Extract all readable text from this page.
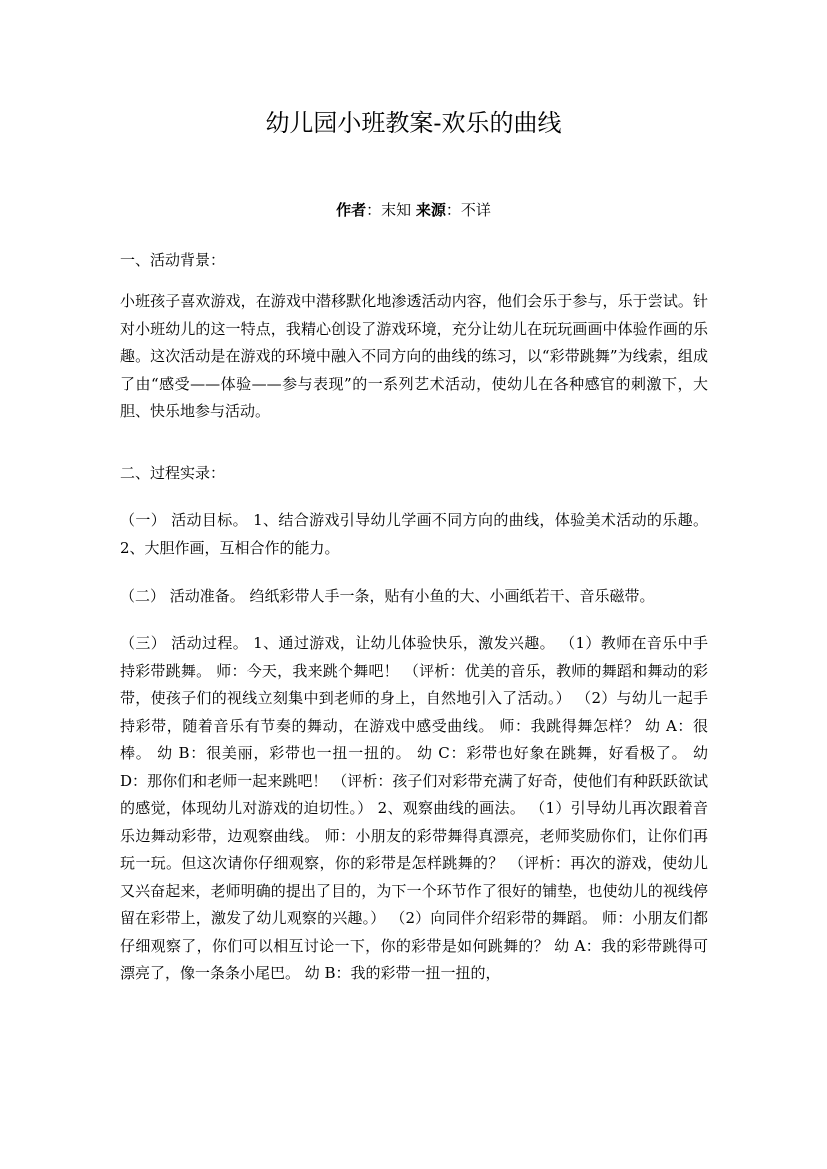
幼儿园小班教案-欢乐的曲线
作者：末知 来源：不详

一、活动背景：

小班孩子喜欢游戏，在游戏中潜移默化地渗透活动内容，他们会乐于参与，乐于尝试。针对小班幼儿的这一特点，我精心创设了游戏环境，充分让幼儿在玩玩画画中体验作画的乐趣。这次活动是在游戏的环境中融入不同方向的曲线的练习，以“彩带跳舞”为线索，组成了由“感受——体验——参与表现”的一系列艺术活动，使幼儿在各种感官的刺激下，大胆、快乐地参与活动。

二、过程实录：

（一） 活动目标。 1、结合游戏引导幼儿学画不同方向的曲线，体验美术活动的乐趣。 2、大胆作画，互相合作的能力。

（二） 活动准备。 绉纸彩带人手一条，贴有小鱼的大、小画纸若干、音乐磁带。

（三） 活动过程。 1、通过游戏，让幼儿体验快乐，激发兴趣。 （1）教师在音乐中手持彩带跳舞。 师：今天，我来跳个舞吧！ （评析：优美的音乐，教师的舞蹈和舞动的彩带，使孩子们的视线立刻集中到老师的身上，自然地引入了活动。） （2）与幼儿一起手持彩带，随着音乐有节奏的舞动，在游戏中感受曲线。 师：我跳得舞怎样？ 幼 A：很棒。 幼 B：很美丽，彩带也一扭一扭的。 幼 C：彩带也好象在跳舞，好看极了。 幼 D：那你们和老师一起来跳吧！ （评析：孩子们对彩带充满了好奇，使他们有种跃跃欲试的感觉，体现幼儿对游戏的迫切性。） 2、观察曲线的画法。 （1）引导幼儿再次跟着音乐边舞动彩带，边观察曲线。 师：小朋友的彩带舞得真漂亮，老师奖励你们，让你们再玩一玩。但这次请你仔细观察，你的彩带是怎样跳舞的？ （评析：再次的游戏，使幼儿又兴奋起来，老师明确的提出了目的，为下一个环节作了很好的铺垫，也使幼儿的视线停留在彩带上，激发了幼儿观察的兴趣。） （2）向同伴介绍彩带的舞蹈。 师：小朋友们都仔细观察了，你们可以相互讨论一下，你的彩带是如何跳舞的？ 幼 A：我的彩带跳得可漂亮了，像一条条小尾巴。 幼 B：我的彩带一扭一扭的，
